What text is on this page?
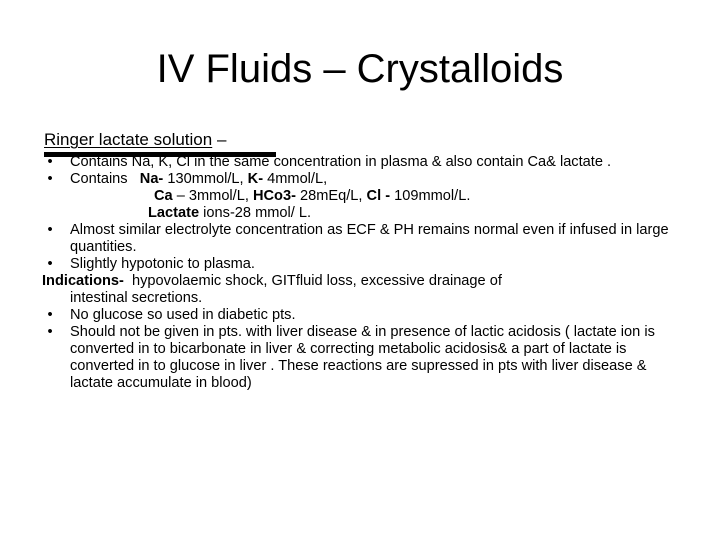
IV Fluids – Crystalloids
Ringer lactate solution –
•	Contains Na, K, Cl in the same concentration in plasma & also contain Ca& lactate .
•	Contains Na- 130mmol/L, K- 4mmol/L,
Ca – 3mmol/L, HCo3- 28mEq/L, Cl - 109mmol/L.
Lactate ions-28 mmol/ L.
•	Almost similar electrolyte concentration as ECF & PH remains normal even if infused in large quantities.
•	Slightly hypotonic to plasma.
Indications- hypovolaemic shock, GITfluid loss, excessive drainage of
intestinal secretions.
•	No glucose so used in diabetic pts.
•	Should not be given in pts. with liver disease & in presence of lactic acidosis ( lactate ion is converted in to bicarbonate in liver & correcting metabolic acidosis& a part of lactate is converted in to glucose in liver . These reactions are supressed in pts with liver disease & lactate accumulate in blood)
